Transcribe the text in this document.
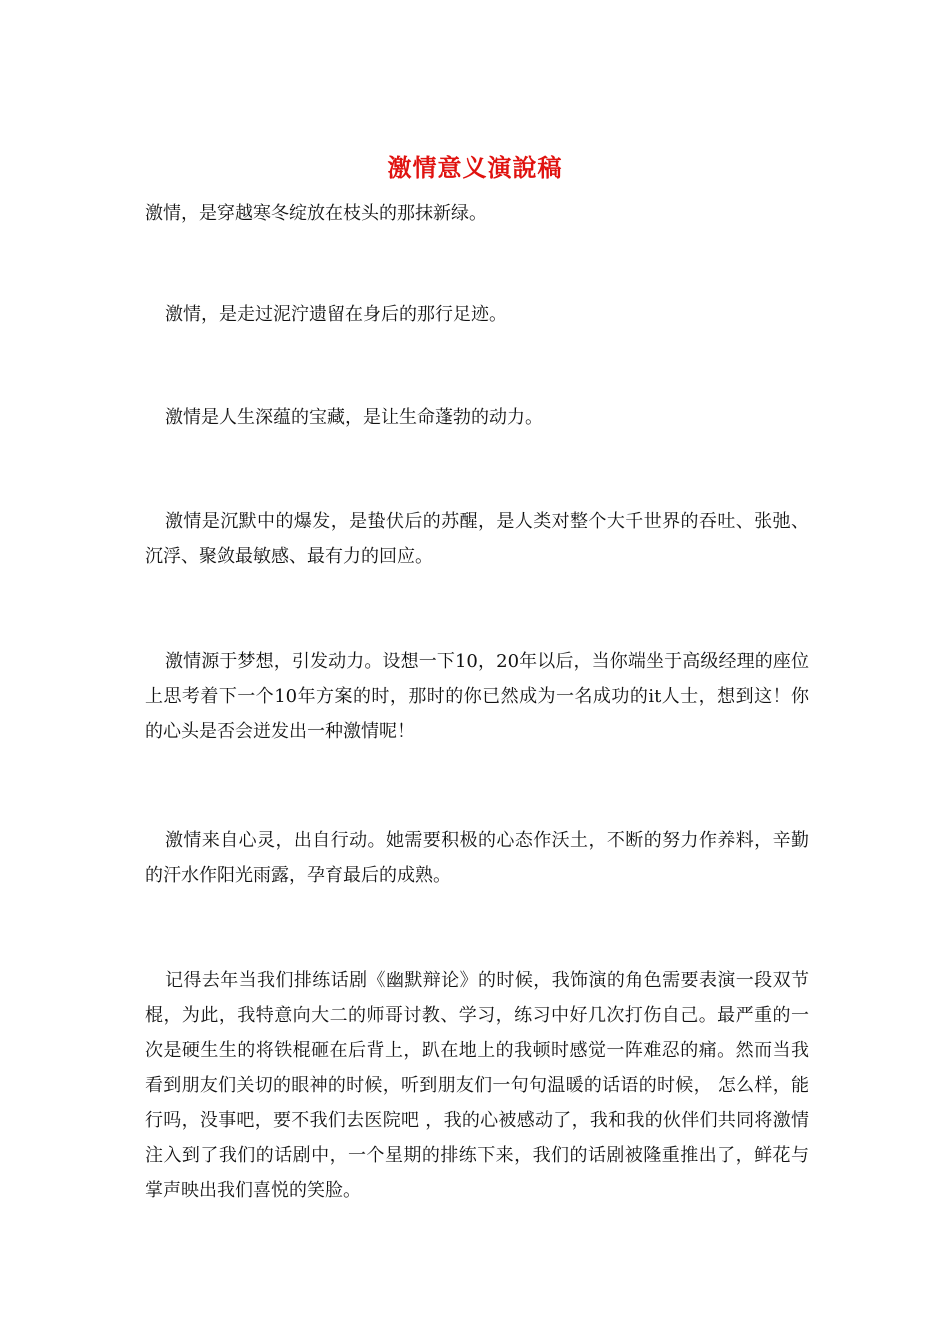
激情意义演說稿

激情，是穿越寒冬绽放在枝头的那抹新绿。

激情，是走过泥泞遗留在身后的那行足迹。

激情是人生深蕴的宝藏，是让生命蓬勃的动力。

激情是沉默中的爆发，是蛰伏后的苏醒，是人类对整个大千世界的吞吐、张弛、沉浮、聚敛最敏感、最有力的回应。

激情源于梦想，引发动力。设想一下10，20年以后，当你端坐于高级经理的座位上思考着下一个10年方案的时，那时的你已然成为一名成功的it人士，想到这！你的心头是否会迸发出一种激情呢！

激情来自心灵，出自行动。她需要积极的心态作沃土，不断的努力作养料，辛勤的汗水作阳光雨露，孕育最后的成熟。

记得去年当我们排练话剧《幽默辩论》的时候，我饰演的角色需要表演一段双节棍，为此，我特意向大二的师哥讨教、学习，练习中好几次打伤自己。最严重的一次是硬生生的将铁棍砸在后背上，趴在地上的我顿时感觉一阵难忍的痛。然而当我看到朋友们关切的眼神的时候，听到朋友们一句句温暖的话语的时候， 怎么样，能行吗，没事吧，要不我们去医院吧 ，我的心被感动了，我和我的伙伴们共同将激情注入到了我们的话剧中，一个星期的排练下来，我们的话剧被隆重推出了，鲜花与掌声映出我们喜悦的笑脸。
